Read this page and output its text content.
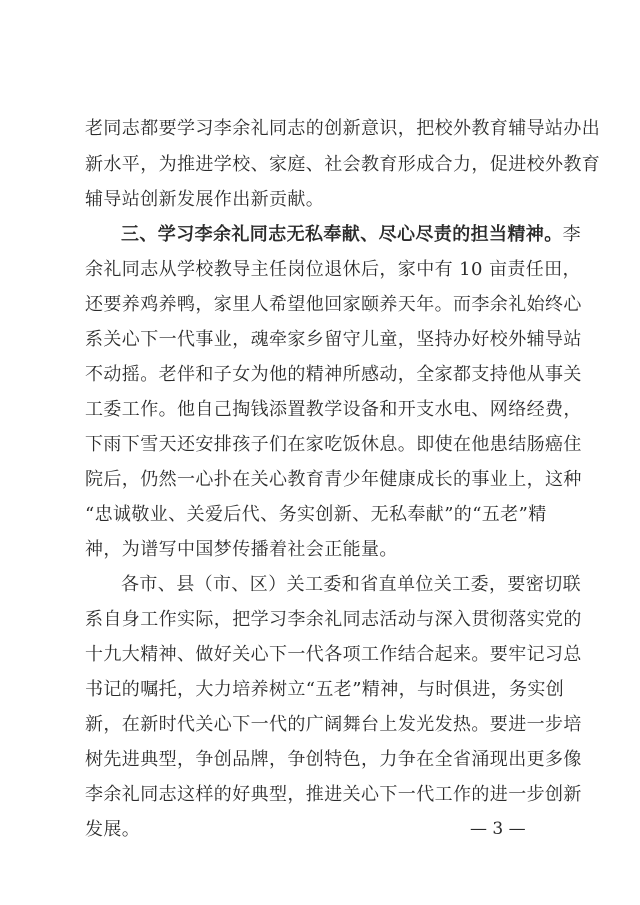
老同志都要学习李余礼同志的创新意识，把校外教育辅导站办出
新水平，为推进学校、家庭、社会教育形成合力，促进校外教育
辅导站创新发展作出新贡献。
三、学习李余礼同志无私奉献、尽心尽责的担当精神。李
余礼同志从学校教导主任岗位退休后，家中有 10 亩责任田，
还要养鸡养鸭，家里人希望他回家颐养天年。而李余礼始终心
系关心下一代事业，魂牵家乡留守儿童，坚持办好校外辅导站
不动摇。老伴和子女为他的精神所感动，全家都支持他从事关
工委工作。他自己掏钱添置教学设备和开支水电、网络经费，
下雨下雪天还安排孩子们在家吃饭休息。即使在他患结肠癌住
院后，仍然一心扑在关心教育青少年健康成长的事业上，这种
“忠诚敬业、关爱后代、务实创新、无私奉献”的“五老”精
神，为谱写中国梦传播着社会正能量。
各市、县（市、区）关工委和省直单位关工委，要密切联
系自身工作实际，把学习李余礼同志活动与深入贯彻落实党的
十九大精神、做好关心下一代各项工作结合起来。要牢记习总
书记的嘱托，大力培养树立“五老”精神，与时俱进，务实创
新，在新时代关心下一代的广阔舞台上发光发热。要进一步培
树先进典型，争创品牌，争创特色，力争在全省涌现出更多像
李余礼同志这样的好典型，推进关心下一代工作的进一步创新
发展。	— 3 —
